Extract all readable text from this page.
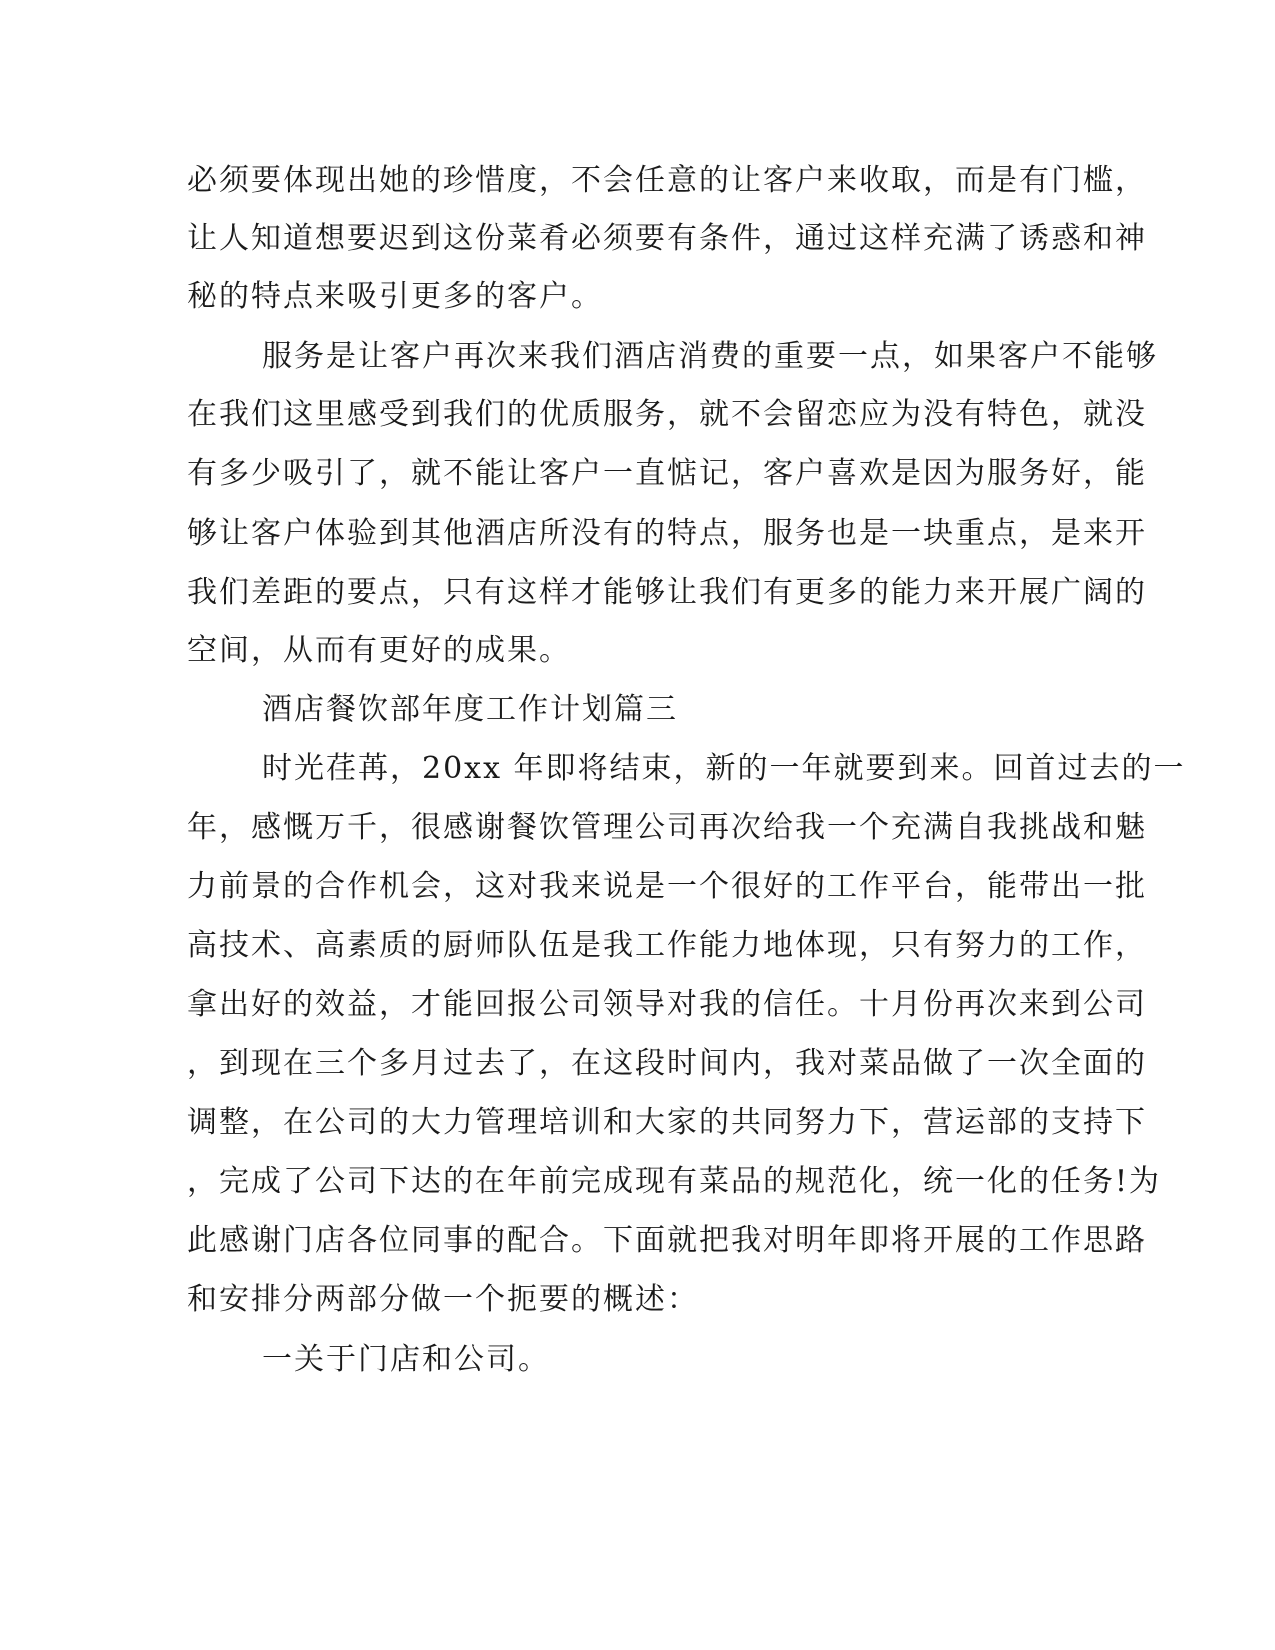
必须要体现出她的珍惜度，不会任意的让客户来收取，而是有门槛，
让人知道想要迟到这份菜肴必须要有条件，通过这样充满了诱惑和神
秘的特点来吸引更多的客户。
服务是让客户再次来我们酒店消费的重要一点，如果客户不能够
在我们这里感受到我们的优质服务，就不会留恋应为没有特色，就没
有多少吸引了，就不能让客户一直惦记，客户喜欢是因为服务好，能
够让客户体验到其他酒店所没有的特点，服务也是一块重点，是来开
我们差距的要点，只有这样才能够让我们有更多的能力来开展广阔的
空间，从而有更好的成果。
酒店餐饮部年度工作计划篇三
时光荏苒，20xx 年即将结束，新的一年就要到来。回首过去的一
年，感慨万千，很感谢餐饮管理公司再次给我一个充满自我挑战和魅
力前景的合作机会，这对我来说是一个很好的工作平台，能带出一批
高技术、高素质的厨师队伍是我工作能力地体现，只有努力的工作，
拿出好的效益，才能回报公司领导对我的信任。十月份再次来到公司
，到现在三个多月过去了，在这段时间内，我对菜品做了一次全面的
调整，在公司的大力管理培训和大家的共同努力下，营运部的支持下
，完成了公司下达的在年前完成现有菜品的规范化，统一化的任务!为
此感谢门店各位同事的配合。下面就把我对明年即将开展的工作思路
和安排分两部分做一个扼要的概述：
一关于门店和公司。
